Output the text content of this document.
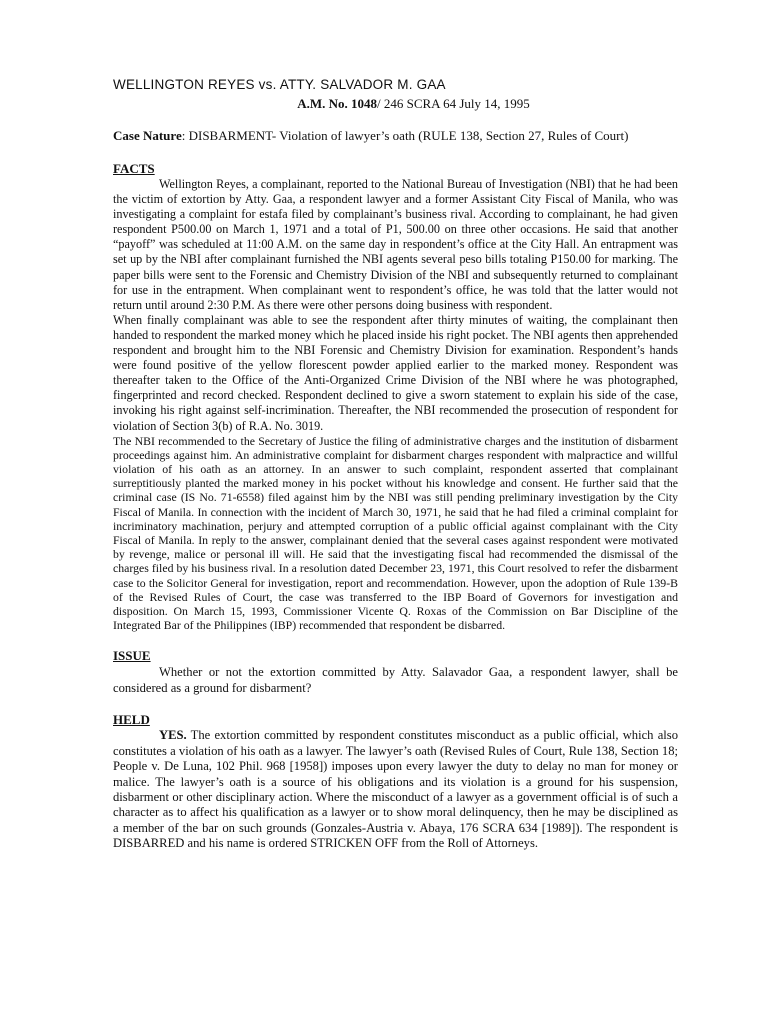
WELLINGTON REYES vs. ATTY. SALVADOR M. GAA
A.M. No. 1048/ 246 SCRA 64 July 14, 1995

Case Nature: DISBARMENT- Violation of lawyer’s oath (RULE 138, Section 27, Rules of Court)

FACTS

Wellington Reyes, a complainant, reported to the National Bureau of Investigation (NBI) that he had been the victim of extortion by Atty. Gaa, a respondent lawyer and a former Assistant City Fiscal of Manila, who was investigating a complaint for estafa filed by complainant’s business rival. According to complainant, he had given respondent P500.00 on March 1, 1971 and a total of P1, 500.00 on three other occasions. He said that another “payoff” was scheduled at 11:00 A.M. on the same day in respondent’s office at the City Hall. An entrapment was set up by the NBI after complainant furnished the NBI agents several peso bills totaling P150.00 for marking. The paper bills were sent to the Forensic and Chemistry Division of the NBI and subsequently returned to complainant for use in the entrapment. When complainant went to respondent’s office, he was told that the latter would not return until around 2:30 P.M. As there were other persons doing business with respondent.

When finally complainant was able to see the respondent after thirty minutes of waiting, the complainant then handed to respondent the marked money which he placed inside his right pocket. The NBI agents then apprehended respondent and brought him to the NBI Forensic and Chemistry Division for examination. Respondent’s hands were found positive of the yellow florescent powder applied earlier to the marked money. Respondent was thereafter taken to the Office of the Anti-Organized Crime Division of the NBI where he was photographed, fingerprinted and record checked. Respondent declined to give a sworn statement to explain his side of the case, invoking his right against self-incrimination. Thereafter, the NBI recommended the prosecution of respondent for violation of Section 3(b) of R.A. No. 3019.

The NBI recommended to the Secretary of Justice the filing of administrative charges and the institution of disbarment proceedings against him. An administrative complaint for disbarment charges respondent with malpractice and willful violation of his oath as an attorney. In an answer to such complaint, respondent asserted that complainant surreptitiously planted the marked money in his pocket without his knowledge and consent. He further said that the criminal case (IS No. 71-6558) filed against him by the NBI was still pending preliminary investigation by the City Fiscal of Manila. In connection with the incident of March 30, 1971, he said that he had filed a criminal complaint for incriminatory machination, perjury and attempted corruption of a public official against complainant with the City Fiscal of Manila. In reply to the answer, complainant denied that the several cases against respondent were motivated by revenge, malice or personal ill will. He said that the investigating fiscal had recommended the dismissal of the charges filed by his business rival. In a resolution dated December 23, 1971, this Court resolved to refer the disbarment case to the Solicitor General for investigation, report and recommendation. However, upon the adoption of Rule 139-B of the Revised Rules of Court, the case was transferred to the IBP Board of Governors for investigation and disposition. On March 15, 1993, Commissioner Vicente Q. Roxas of the Commission on Bar Discipline of the Integrated Bar of the Philippines (IBP) recommended that respondent be disbarred.

ISSUE

Whether or not the extortion committed by Atty. Salavador Gaa, a respondent lawyer, shall be considered as a ground for disbarment?

HELD

YES. The extortion committed by respondent constitutes misconduct as a public official, which also constitutes a violation of his oath as a lawyer. The lawyer’s oath (Revised Rules of Court, Rule 138, Section 18; People v. De Luna, 102 Phil. 968 [1958]) imposes upon every lawyer the duty to delay no man for money or malice. The lawyer’s oath is a source of his obligations and its violation is a ground for his suspension, disbarment or other disciplinary action. Where the misconduct of a lawyer as a government official is of such a character as to affect his qualification as a lawyer or to show moral delinquency, then he may be disciplined as a member of the bar on such grounds (Gonzales-Austria v. Abaya, 176 SCRA 634 [1989]). The respondent is DISBARRED and his name is ordered STRICKEN OFF from the Roll of Attorneys.
